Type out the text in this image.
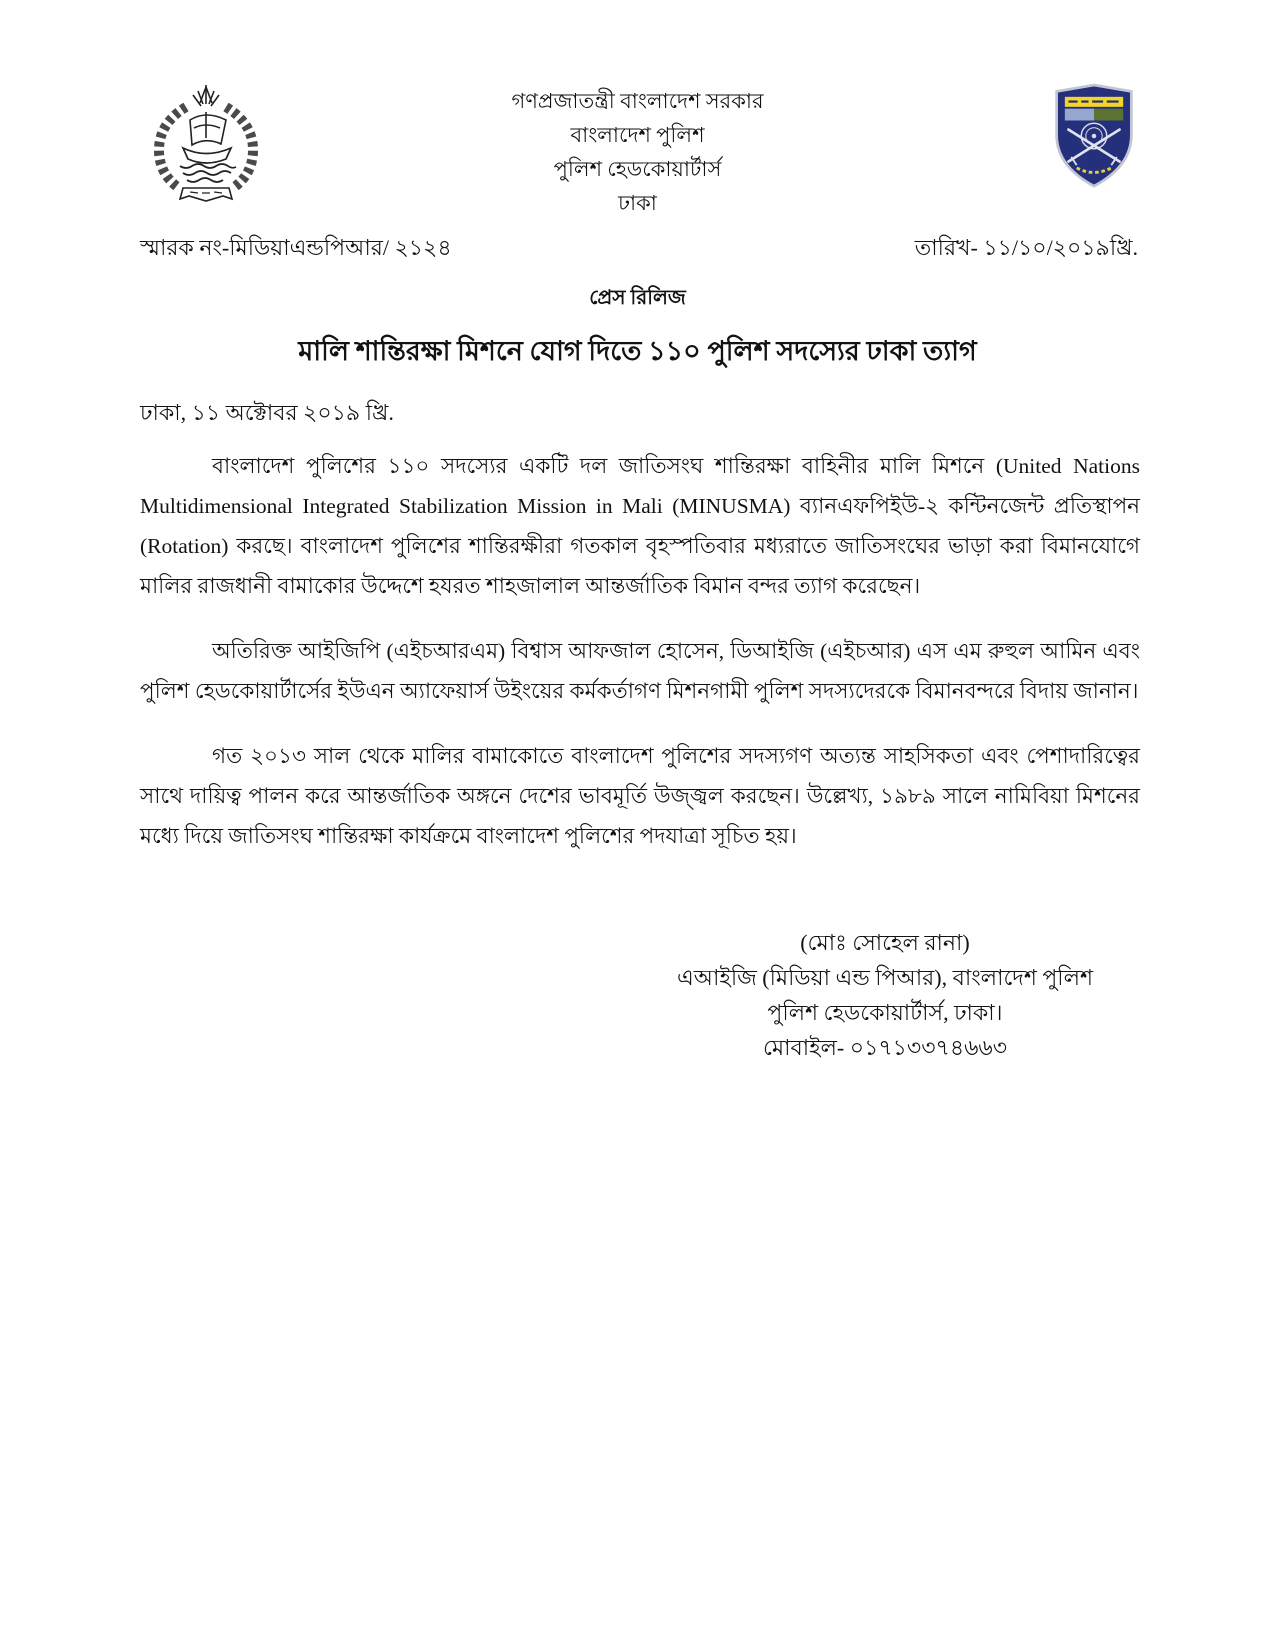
গণপ্রজাতন্ত্রী বাংলাদেশ সরকার
বাংলাদেশ পুলিশ
পুলিশ হেডকোয়ার্টার্স
ঢাকা
স্মারক নং-মিডিয়াএন্ডপিআর/ ২১২৪	তারিখ- ১১/১০/২০১৯খ্রি.
প্রেস রিলিজ
মালি শান্তিরক্ষা মিশনে যোগ দিতে ১১০ পুলিশ সদস্যের ঢাকা ত্যাগ
ঢাকা, ১১ অক্টোবর ২০১৯ খ্রি.

বাংলাদেশ পুলিশের ১১০ সদস্যের একটি দল জাতিসংঘ শান্তিরক্ষা বাহিনীর মালি মিশনে (United Nations Multidimensional Integrated Stabilization Mission in Mali (MINUSMA) ব্যানএফপিইউ-২ কন্টিনজেন্ট প্রতিস্থাপন (Rotation) করছে। বাংলাদেশ পুলিশের শান্তিরক্ষীরা গতকাল বৃহস্পতিবার মধ্যরাতে জাতিসংঘের ভাড়া করা বিমানযোগে মালির রাজধানী বামাকোর উদ্দেশে হযরত শাহজালাল আন্তর্জাতিক বিমান বন্দর ত্যাগ করেছেন।

অতিরিক্ত আইজিপি (এইচআরএম) বিশ্বাস আফজাল হোসেন, ডিআইজি (এইচআর) এস এম রুহুল আমিন এবং পুলিশ হেডকোয়ার্টার্সের ইউএন অ্যাফেয়ার্স উইংয়ের কর্মকর্তাগণ মিশনগামী পুলিশ সদস্যদেরকে বিমানবন্দরে বিদায় জানান।

গত ২০১৩ সাল থেকে মালির বামাকোতে বাংলাদেশ পুলিশের সদস্যগণ অত্যন্ত সাহসিকতা এবং পেশাদারিত্বের সাথে দায়িত্ব পালন করে আন্তর্জাতিক অঙ্গনে দেশের ভাবমূর্তি উজ্জ্বল করছেন। উল্লেখ্য, ১৯৮৯ সালে নামিবিয়া মিশনের মধ্যে দিয়ে জাতিসংঘ শান্তিরক্ষা কার্যক্রমে বাংলাদেশ পুলিশের পদযাত্রা সূচিত হয়।

(মোঃ সোহেল রানা)
এআইজি (মিডিয়া এন্ড পিআর), বাংলাদেশ পুলিশ
পুলিশ হেডকোয়ার্টার্স, ঢাকা।
মোবাইল- ০১৭১৩৩৭৪৬৬৩
